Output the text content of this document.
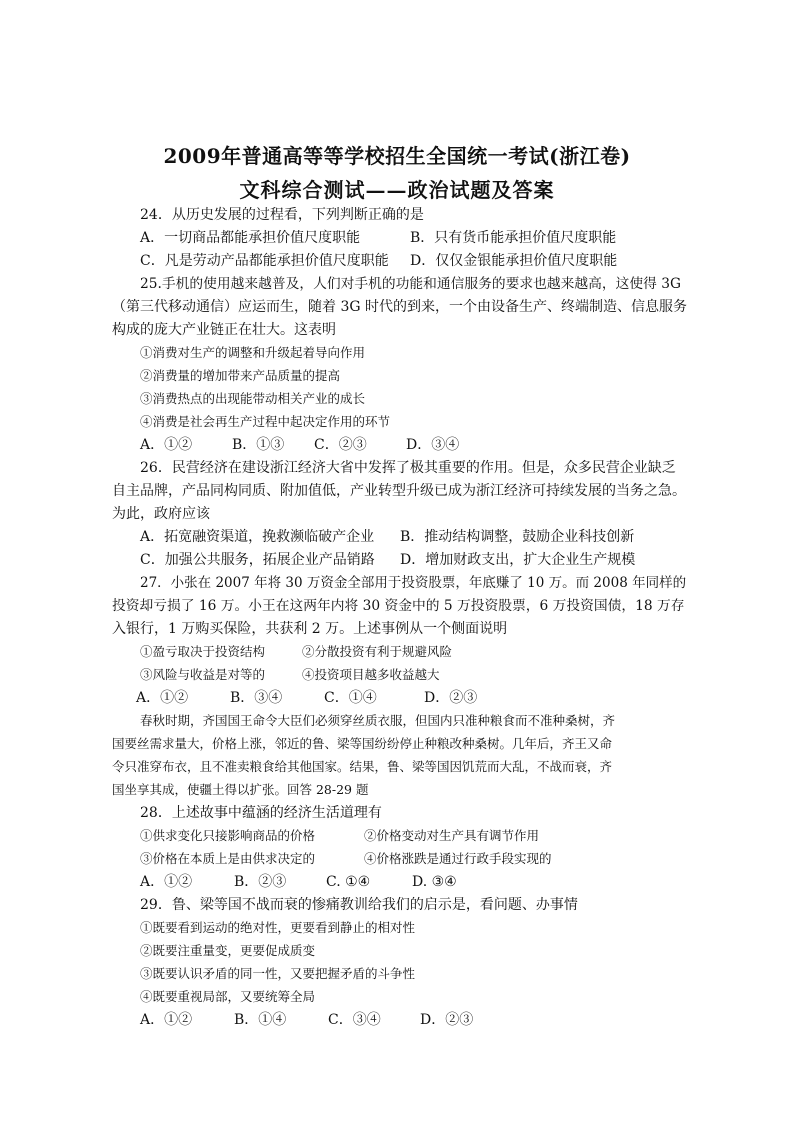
2009年普通高等等学校招生全国统一考试(浙江卷)
文科综合测试——政治试题及答案
24．从历史发展的过程看，下列判断正确的是
A．一切商品都能承担价值尺度职能	B．只有货币能承担价值尺度职能
C．凡是劳动产品都能承担价值尺度职能 D．仅仅金银能承担价值尺度职能
25.手机的使用越来越普及，人们对手机的功能和通信服务的要求也越来越高，这使得 3G
（第三代移动通信）应运而生，随着 3G 时代的到来，一个由设备生产、终端制造、信息服务
构成的庞大产业链正在壮大。这表明
①消费对生产的调整和升级起着导向作用
②消费量的增加带来产品质量的提高
③消费热点的出现能带动相关产业的成长
④消费是社会再生产过程中起决定作用的环节
A．①②	B．①③ C．②③	D．③④
26．民营经济在建设浙江经济大省中发挥了极其重要的作用。但是，众多民营企业缺乏
自主品牌，产品同构同质、附加值低，产业转型升级已成为浙江经济可持续发展的当务之急。
为此，政府应该
A．拓宽融资渠道，挽救濒临破产企业 B．推动结构调整，鼓励企业科技创新
C．加强公共服务，拓展企业产品销路 D．增加财政支出，扩大企业生产规模
27．小张在 2007 年将 30 万资金全部用于投资股票，年底赚了 10 万。而 2008 年同样的
投资却亏损了 16 万。小王在这两年内将 30 资金中的 5 万投资股票，6 万投资国债，18 万存
入银行，1 万购买保险，共获利 2 万。上述事例从一个侧面说明
①盈亏取决于投资结构	②分散投资有利于规避风险
③风险与收益是对等的	④投资项目越多收益越大
A．①②	B．③④	C．①④	D．②③
春秋时期，齐国国王命令大臣们必须穿丝质衣服，但国内只准种粮食而不准种桑树，齐
国要丝需求量大，价格上涨，邻近的鲁、梁等国纷纷停止种粮改种桑树。几年后，齐王又命
令只准穿布衣，且不准卖粮食给其他国家。结果，鲁、梁等国因饥荒而大乱，不战而衰，齐
国坐享其成，使疆土得以扩张。回答 28-29 题
28．上述故事中蕴涵的经济生活道理有
①供求变化只接影响商品的价格	②价格变动对生产具有调节作用
③价格在本质上是由供求决定的	④价格涨跌是通过行政手段实现的
A．①②	B．②③	C. ①④	D. ③④
29．鲁、梁等国不战而衰的惨痛教训给我们的启示是，看问题、办事情
①既要看到运动的绝对性，更要看到静止的相对性
②既要注重量变，更要促成质变
③既要认识矛盾的同一性，又要把握矛盾的斗争性
④既要重视局部，又要统筹全局
A．①②	B．①④	C．③④	D．②③
